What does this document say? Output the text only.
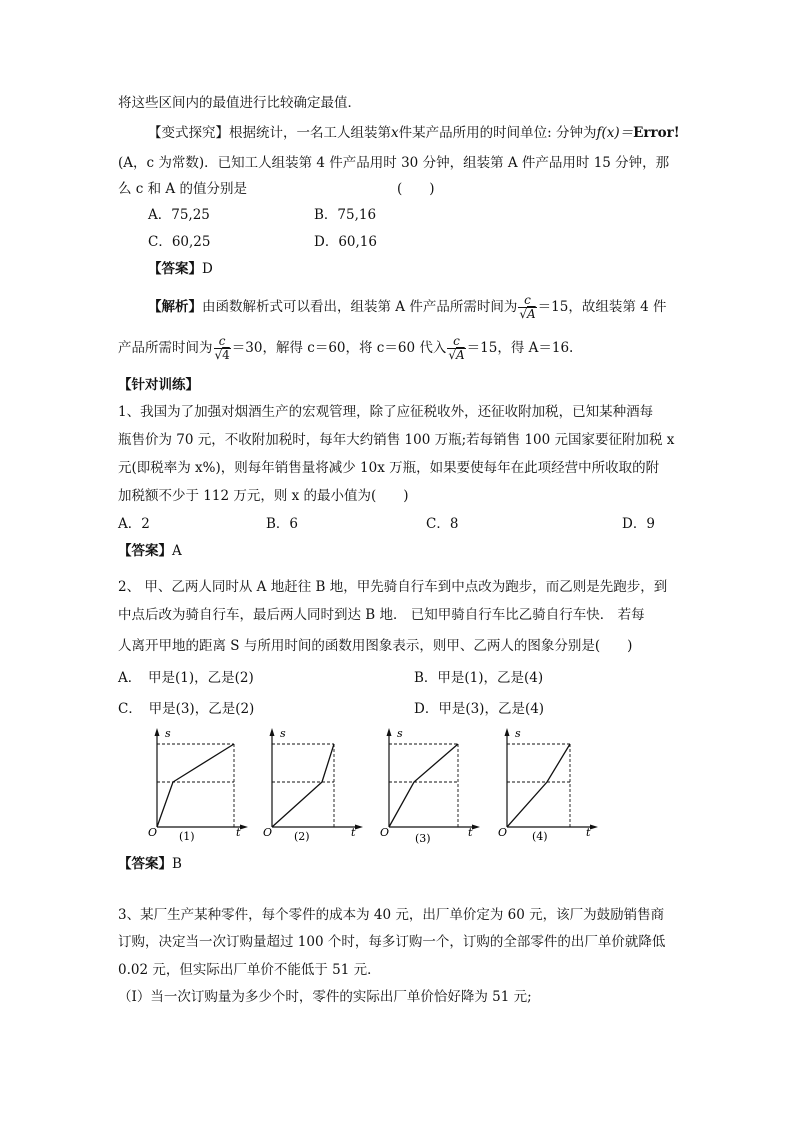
将这些区间内的最值进行比较确定最值．
【变式探究】根据统计，一名工人组装第x件某产品所用的时间单位: 分钟为f(x)＝Error!
(A，c 为常数)．已知工人组装第 4 件产品用时 30 分钟，组装第 A 件产品用时 15 分钟，那
么 c 和 A 的值分别是	(　　)
A．75,25	B．75,16
C．60,25	D．60,16
【答案】D
【解析】由函数解析式可以看出，组装第 A 件产品所需时间为 $\frac{c}{√A} =15$，故组装第 4 件
产品所需时间为 $\frac{c}{√4} =30$，解得 c＝60，将 c＝60 代入 $\frac{c}{√A} =15$，得 A＝16.
【针对训练】
1、我国为了加强对烟酒生产的宏观管理，除了应征税收外，还征收附加税，已知某种酒每
瓶售价为 70 元，不收附加税时，每年大约销售 100 万瓶;若每销售 100 元国家要征附加税 x
元(即税率为 x%)，则每年销售量将减少 10x 万瓶，如果要使每年在此项经营中所收取的附
加税额不少于 112 万元，则 x 的最小值为(　　)
A．2	B．6	C．8	D．9
【答案】A
2、 甲、乙两人同时从 A 地赶往 B 地，甲先骑自行车到中点改为跑步，而乙则是先跑步，到
中点后改为骑自行车，最后两人同时到达 B 地． 已知甲骑自行车比乙骑自行车快． 若每
人离开甲地的距离 S 与所用时间的函数用图象表示，则甲、乙两人的图象分别是(　　)
A．　甲是(1)，乙是(2)	B．甲是(1)，乙是(4)
C．　甲是(3)，乙是(2)	D．甲是(3)，乙是(4)
s
t
O (1)
s
t
O (2)
s
t
O (3)
s
t
O (4)
【答案】B
3、某厂生产某种零件，每个零件的成本为 40 元，出厂单价定为 60 元，该厂为鼓励销售商
订购，决定当一次订购量超过 100 个时，每多订购一个，订购的全部零件的出厂单价就降低
0.02 元，但实际出厂单价不能低于 51 元．
（Ⅰ）当一次订购量为多少个时，零件的实际出厂单价恰好降为 51 元;
